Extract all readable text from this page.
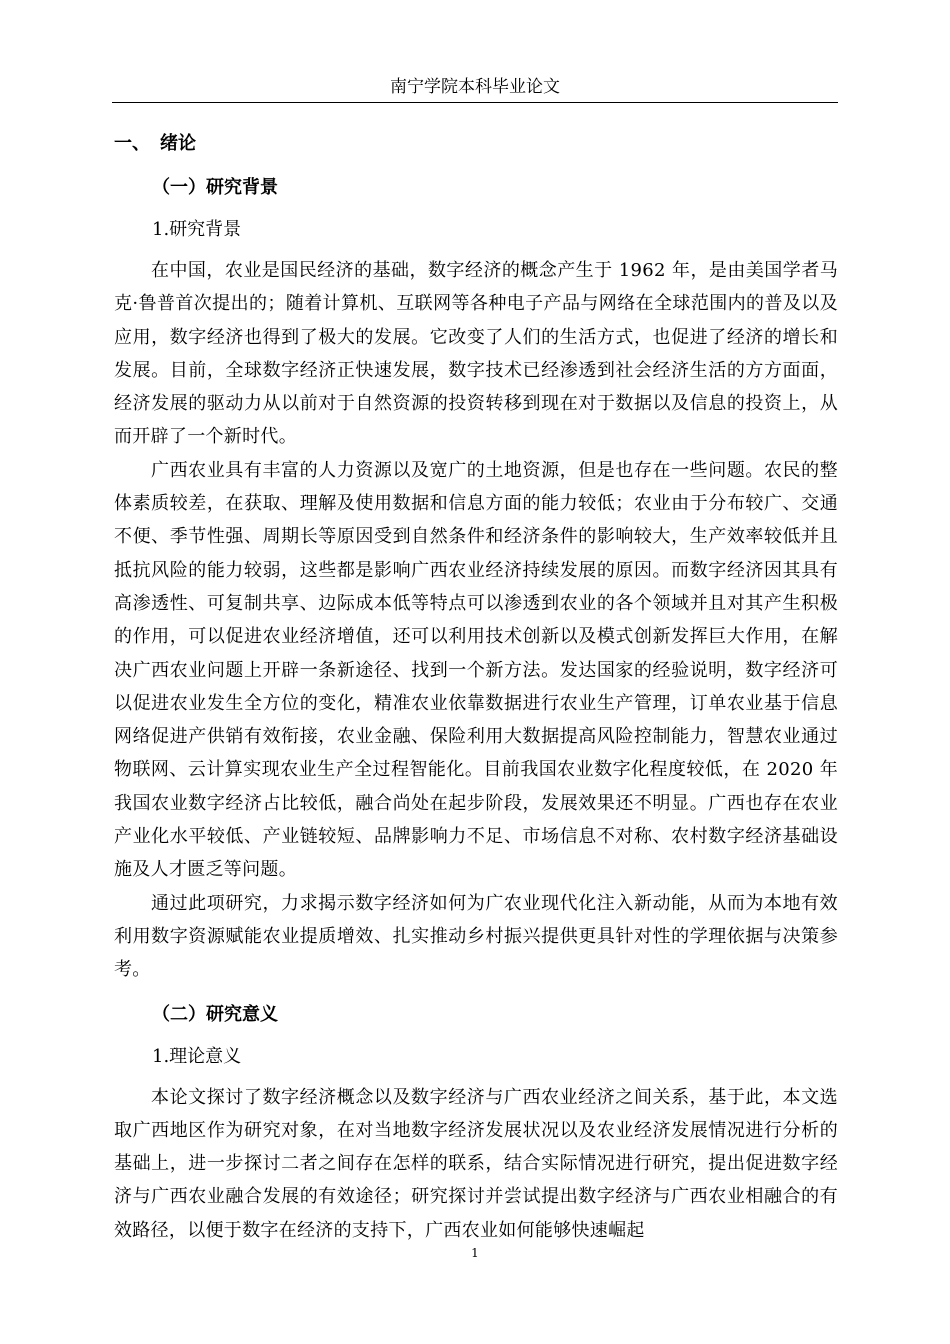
南宁学院本科毕业论文
一、 绪论
（一）研究背景
1.研究背景

在中国，农业是国民经济的基础，数字经济的概念产生于 1962 年，是由美国学者马克·鲁普首次提出的；随着计算机、互联网等各种电子产品与网络在全球范围内的普及以及应用，数字经济也得到了极大的发展。它改变了人们的生活方式，也促进了经济的增长和发展。目前，全球数字经济正快速发展，数字技术已经渗透到社会经济生活的方方面面，经济发展的驱动力从以前对于自然资源的投资转移到现在对于数据以及信息的投资上，从而开辟了一个新时代。

广西农业具有丰富的人力资源以及宽广的土地资源，但是也存在一些问题。农民的整体素质较差，在获取、理解及使用数据和信息方面的能力较低；农业由于分布较广、交通不便、季节性强、周期长等原因受到自然条件和经济条件的影响较大，生产效率较低并且抵抗风险的能力较弱，这些都是影响广西农业经济持续发展的原因。而数字经济因其具有高渗透性、可复制共享、边际成本低等特点可以渗透到农业的各个领域并且对其产生积极的作用，可以促进农业经济增值，还可以利用技术创新以及模式创新发挥巨大作用，在解决广西农业问题上开辟一条新途径、找到一个新方法。发达国家的经验说明，数字经济可以促进农业发生全方位的变化，精准农业依靠数据进行农业生产管理，订单农业基于信息网络促进产供销有效衔接，农业金融、保险利用大数据提高风险控制能力，智慧农业通过物联网、云计算实现农业生产全过程智能化。目前我国农业数字化程度较低，在 2020 年我国农业数字经济占比较低，融合尚处在起步阶段，发展效果还不明显。广西也存在农业产业化水平较低、产业链较短、品牌影响力不足、市场信息不对称、农村数字经济基础设施及人才匮乏等问题。

通过此项研究，力求揭示数字经济如何为广农业现代化注入新动能，从而为本地有效利用数字资源赋能农业提质增效、扎实推动乡村振兴提供更具针对性的学理依据与决策参考。

（二）研究意义
1.理论意义

本论文探讨了数字经济概念以及数字经济与广西农业经济之间关系，基于此，本文选取广西地区作为研究对象，在对当地数字经济发展状况以及农业经济发展情况进行分析的基础上，进一步探讨二者之间存在怎样的联系，结合实际情况进行研究，提出促进数字经济与广西农业融合发展的有效途径；研究探讨并尝试提出数字经济与广西农业相融合的有效路径，以便于数字在经济的支持下，广西农业如何能够快速崛起

1
